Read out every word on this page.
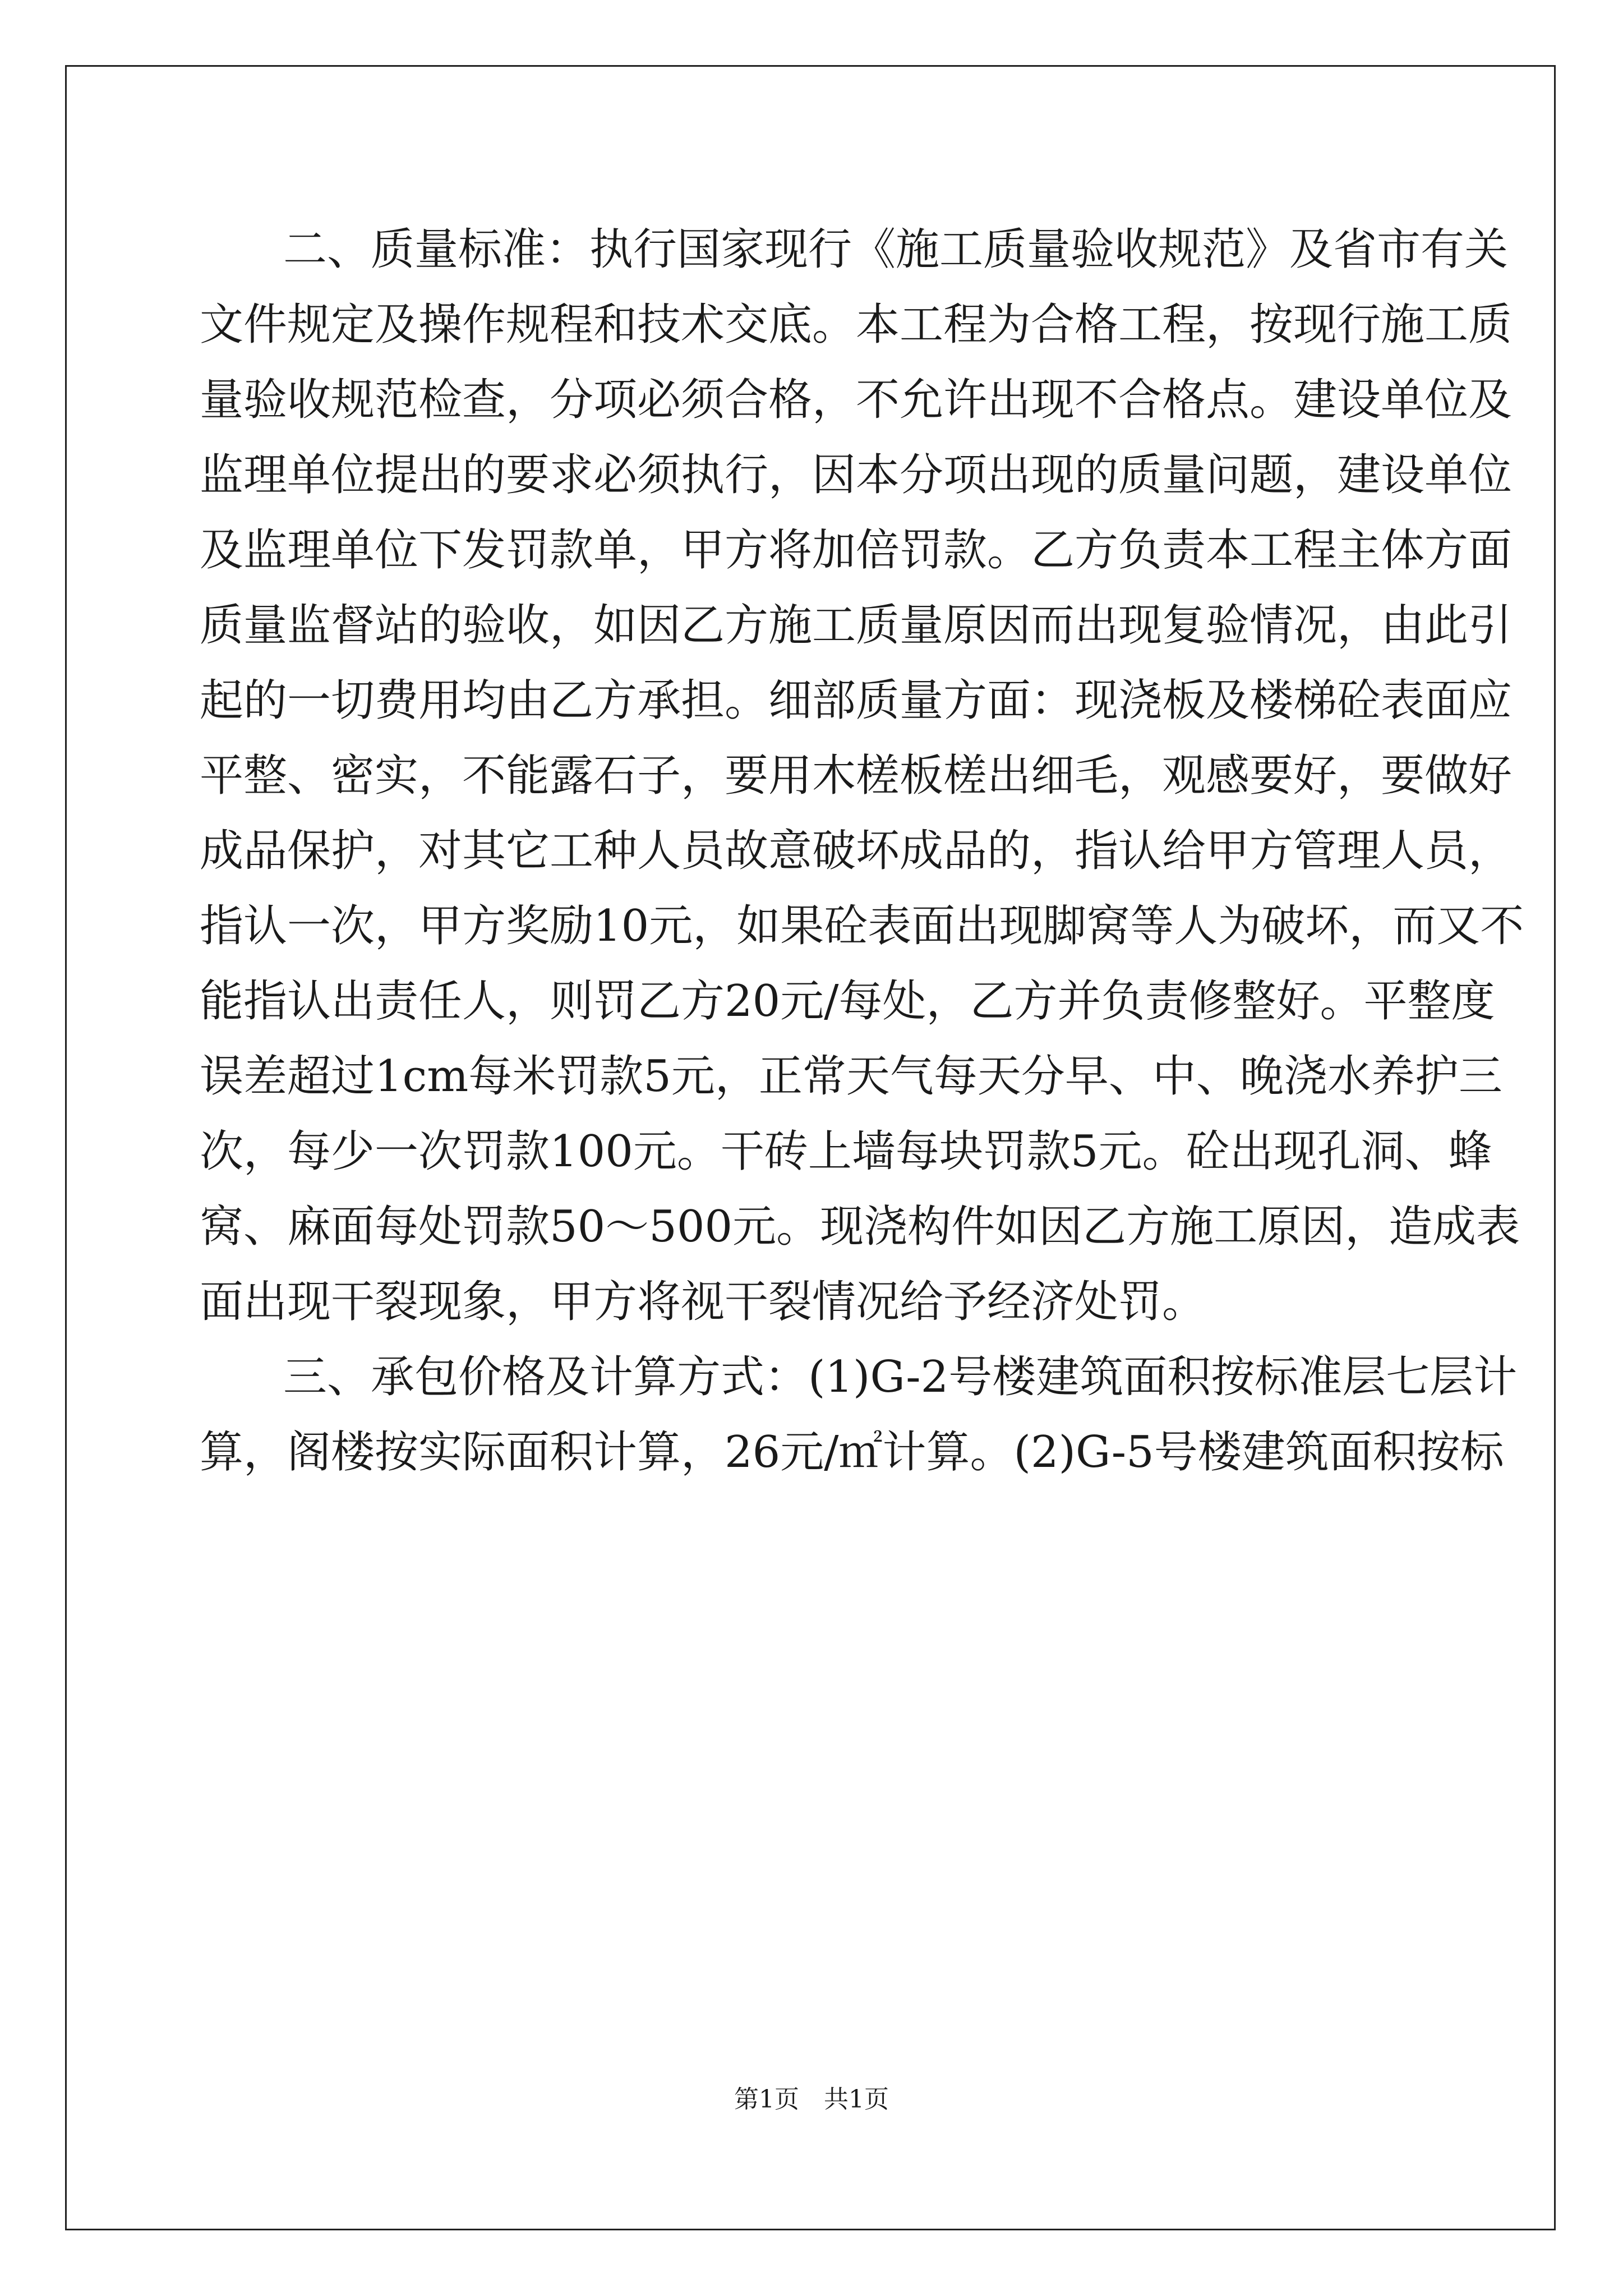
二、质量标准：执行国家现行《施工质量验收规范》及省市有关
文件规定及操作规程和技术交底。本工程为合格工程，按现行施工质
量验收规范检查，分项必须合格，不允许出现不合格点。建设单位及
监理单位提出的要求必须执行，因本分项出现的质量问题，建设单位
及监理单位下发罚款单，甲方将加倍罚款。乙方负责本工程主体方面
质量监督站的验收，如因乙方施工质量原因而出现复验情况，由此引
起的一切费用均由乙方承担。细部质量方面：现浇板及楼梯砼表面应
平整、密实，不能露石子，要用木槎板槎出细毛，观感要好，要做好
成品保护，对其它工种人员故意破坏成品的，指认给甲方管理人员，
指认一次，甲方奖励10元，如果砼表面出现脚窝等人为破坏，而又不
能指认出责任人，则罚乙方20元/每处，乙方并负责修整好。平整度
误差超过1cm每米罚款5元，正常天气每天分早、中、晚浇水养护三
次，每少一次罚款100元。干砖上墙每块罚款5元。砼出现孔洞、蜂
窝、麻面每处罚款50～500元。现浇构件如因乙方施工原因，造成表
面出现干裂现象，甲方将视干裂情况给予经济处罚。
三、承包价格及计算方式：(1)G-2号楼建筑面积按标准层七层计
算，阁楼按实际面积计算，26元/㎡计算。(2)G-5号楼建筑面积按标
第1页　共1页
